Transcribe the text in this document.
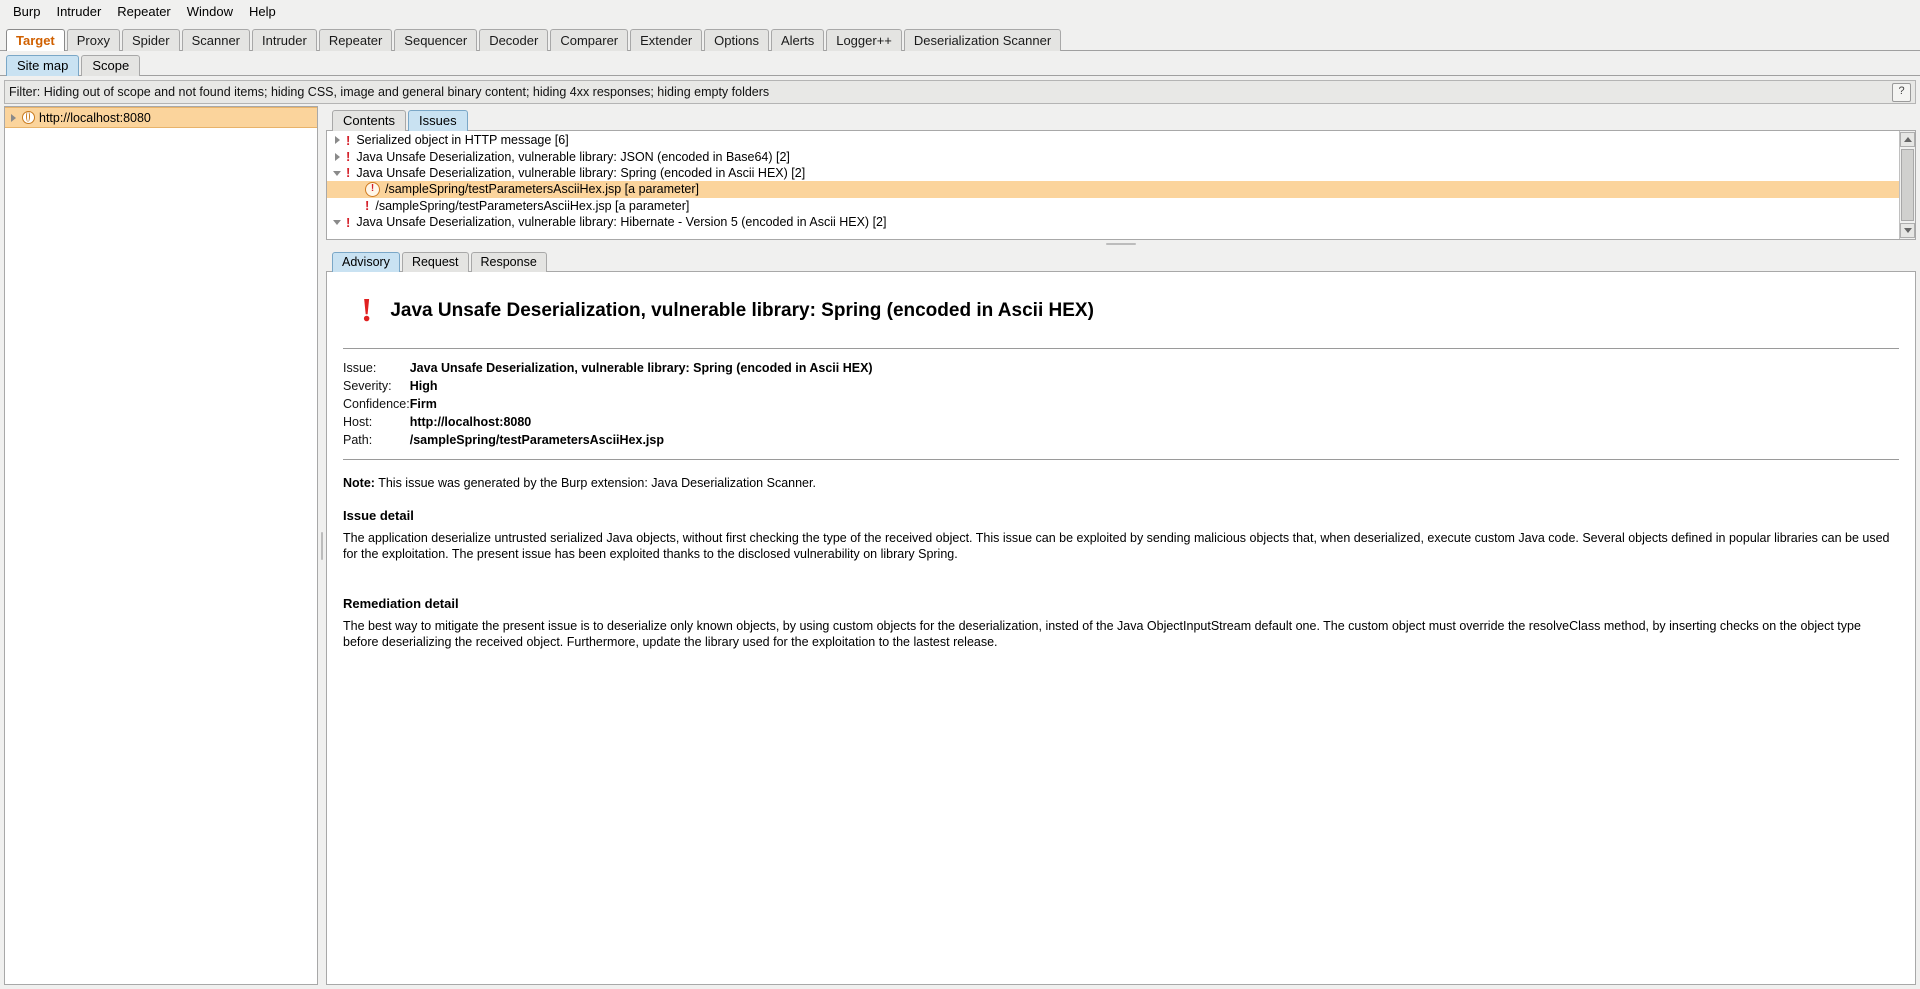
Burp	Intruder	Repeater	Window	Help
Target	Proxy	Spider	Scanner	Intruder	Repeater	Sequencer	Decoder	Comparer	Extender	Options	Alerts	Logger++	Deserialization Scanner
Site map	Scope
Filter: Hiding out of scope and not found items; hiding CSS, image and general binary content; hiding 4xx responses; hiding empty folders	?
http://localhost:8080	Contents	Issues
! Serialized object in HTTP message [6]
! Java Unsafe Deserialization, vulnerable library: JSON (encoded in Base64) [2]
! Java Unsafe Deserialization, vulnerable library: Spring (encoded in Ascii HEX) [2]
! /sampleSpring/testParametersAsciiHex.jsp [a parameter]
! /sampleSpring/testParametersAsciiHex.jsp [a parameter]
! Java Unsafe Deserialization, vulnerable library: Hibernate - Version 5 (encoded in Ascii HEX) [2]
Advisory	Request	Response
! Java Unsafe Deserialization, vulnerable library: Spring (encoded in Ascii HEX)
Issue:	Java Unsafe Deserialization, vulnerable library: Spring (encoded in Ascii HEX)
Severity:	High
Confidence:	Firm
Host:	http://localhost:8080
Path:	/sampleSpring/testParametersAsciiHex.jsp
Note: This issue was generated by the Burp extension: Java Deserialization Scanner.
Issue detail

The application deserialize untrusted serialized Java objects, without first checking the type of the received object. This issue can be exploited by sending malicious objects that, when deserialized, execute custom Java code. Several objects defined in popular libraries can be used for the exploitation. The present issue has been exploited thanks to the disclosed vulnerability on library Spring.

Remediation detail

The best way to mitigate the present issue is to deserialize only known objects, by using custom objects for the deserialization, insted of the Java ObjectInputStream default one. The custom object must override the resolveClass method, by inserting checks on the object type before deserializing the received object. Furthermore, update the library used for the exploitation to the lastest release.
